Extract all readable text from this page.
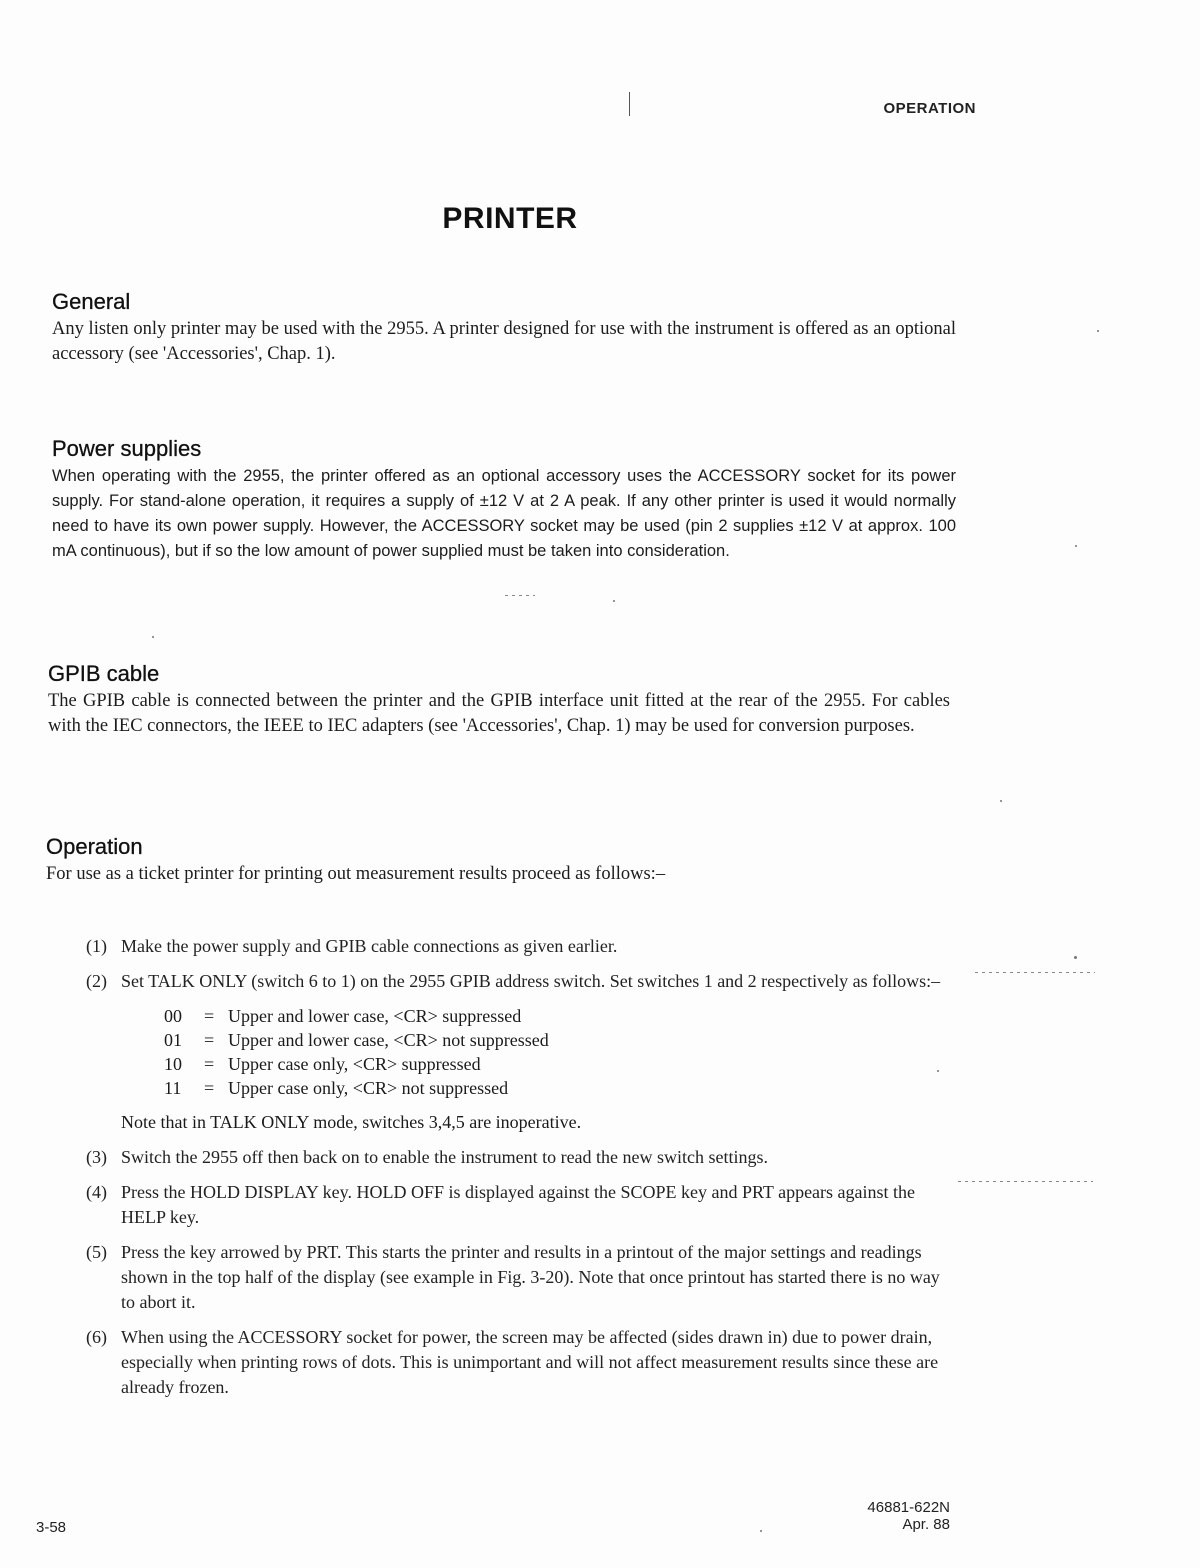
OPERATION
PRINTER
General

Any listen only printer may be used with the 2955. A printer designed for use with the instrument is offered as an optional accessory (see 'Accessories', Chap. 1).

Power supplies

When operating with the 2955, the printer offered as an optional accessory uses the ACCESSORY socket for its power supply. For stand-alone operation, it requires a supply of ±12 V at 2 A peak. If any other printer is used it would normally need to have its own power supply. However, the ACCESSORY socket may be used (pin 2 supplies ±12 V at approx. 100 mA continuous), but if so the low amount of power supplied must be taken into consideration.

GPIB cable

The GPIB cable is connected between the printer and the GPIB interface unit fitted at the rear of the 2955. For cables with the IEC connectors, the IEEE to IEC adapters (see 'Accessories', Chap. 1) may be used for conversion purposes.

Operation

For use as a ticket printer for printing out measurement results proceed as follows:–

(1) Make the power supply and GPIB cable connections as given earlier.
(2) Set TALK ONLY (switch 6 to 1) on the 2955 GPIB address switch. Set switches 1 and 2 respectively as follows:–
00	= Upper and lower case, <CR> suppressed
01	= Upper and lower case, <CR> not suppressed
10	= Upper case only, <CR> suppressed
11	= Upper case only, <CR> not suppressed
Note that in TALK ONLY mode, switches 3,4,5 are inoperative.
(3) Switch the 2955 off then back on to enable the instrument to read the new switch settings.
(4) Press the HOLD DISPLAY key. HOLD OFF is displayed against the SCOPE key and PRT appears against the HELP key.
(5) Press the key arrowed by PRT. This starts the printer and results in a printout of the major settings and readings shown in the top half of the display (see example in Fig. 3-20). Note that once printout has started there is no way to abort it.
(6) When using the ACCESSORY socket for power, the screen may be affected (sides drawn in) due to power drain, especially when printing rows of dots. This is unimportant and will not affect measurement results since these are already frozen.
46881-622N
Apr. 88
3-58
